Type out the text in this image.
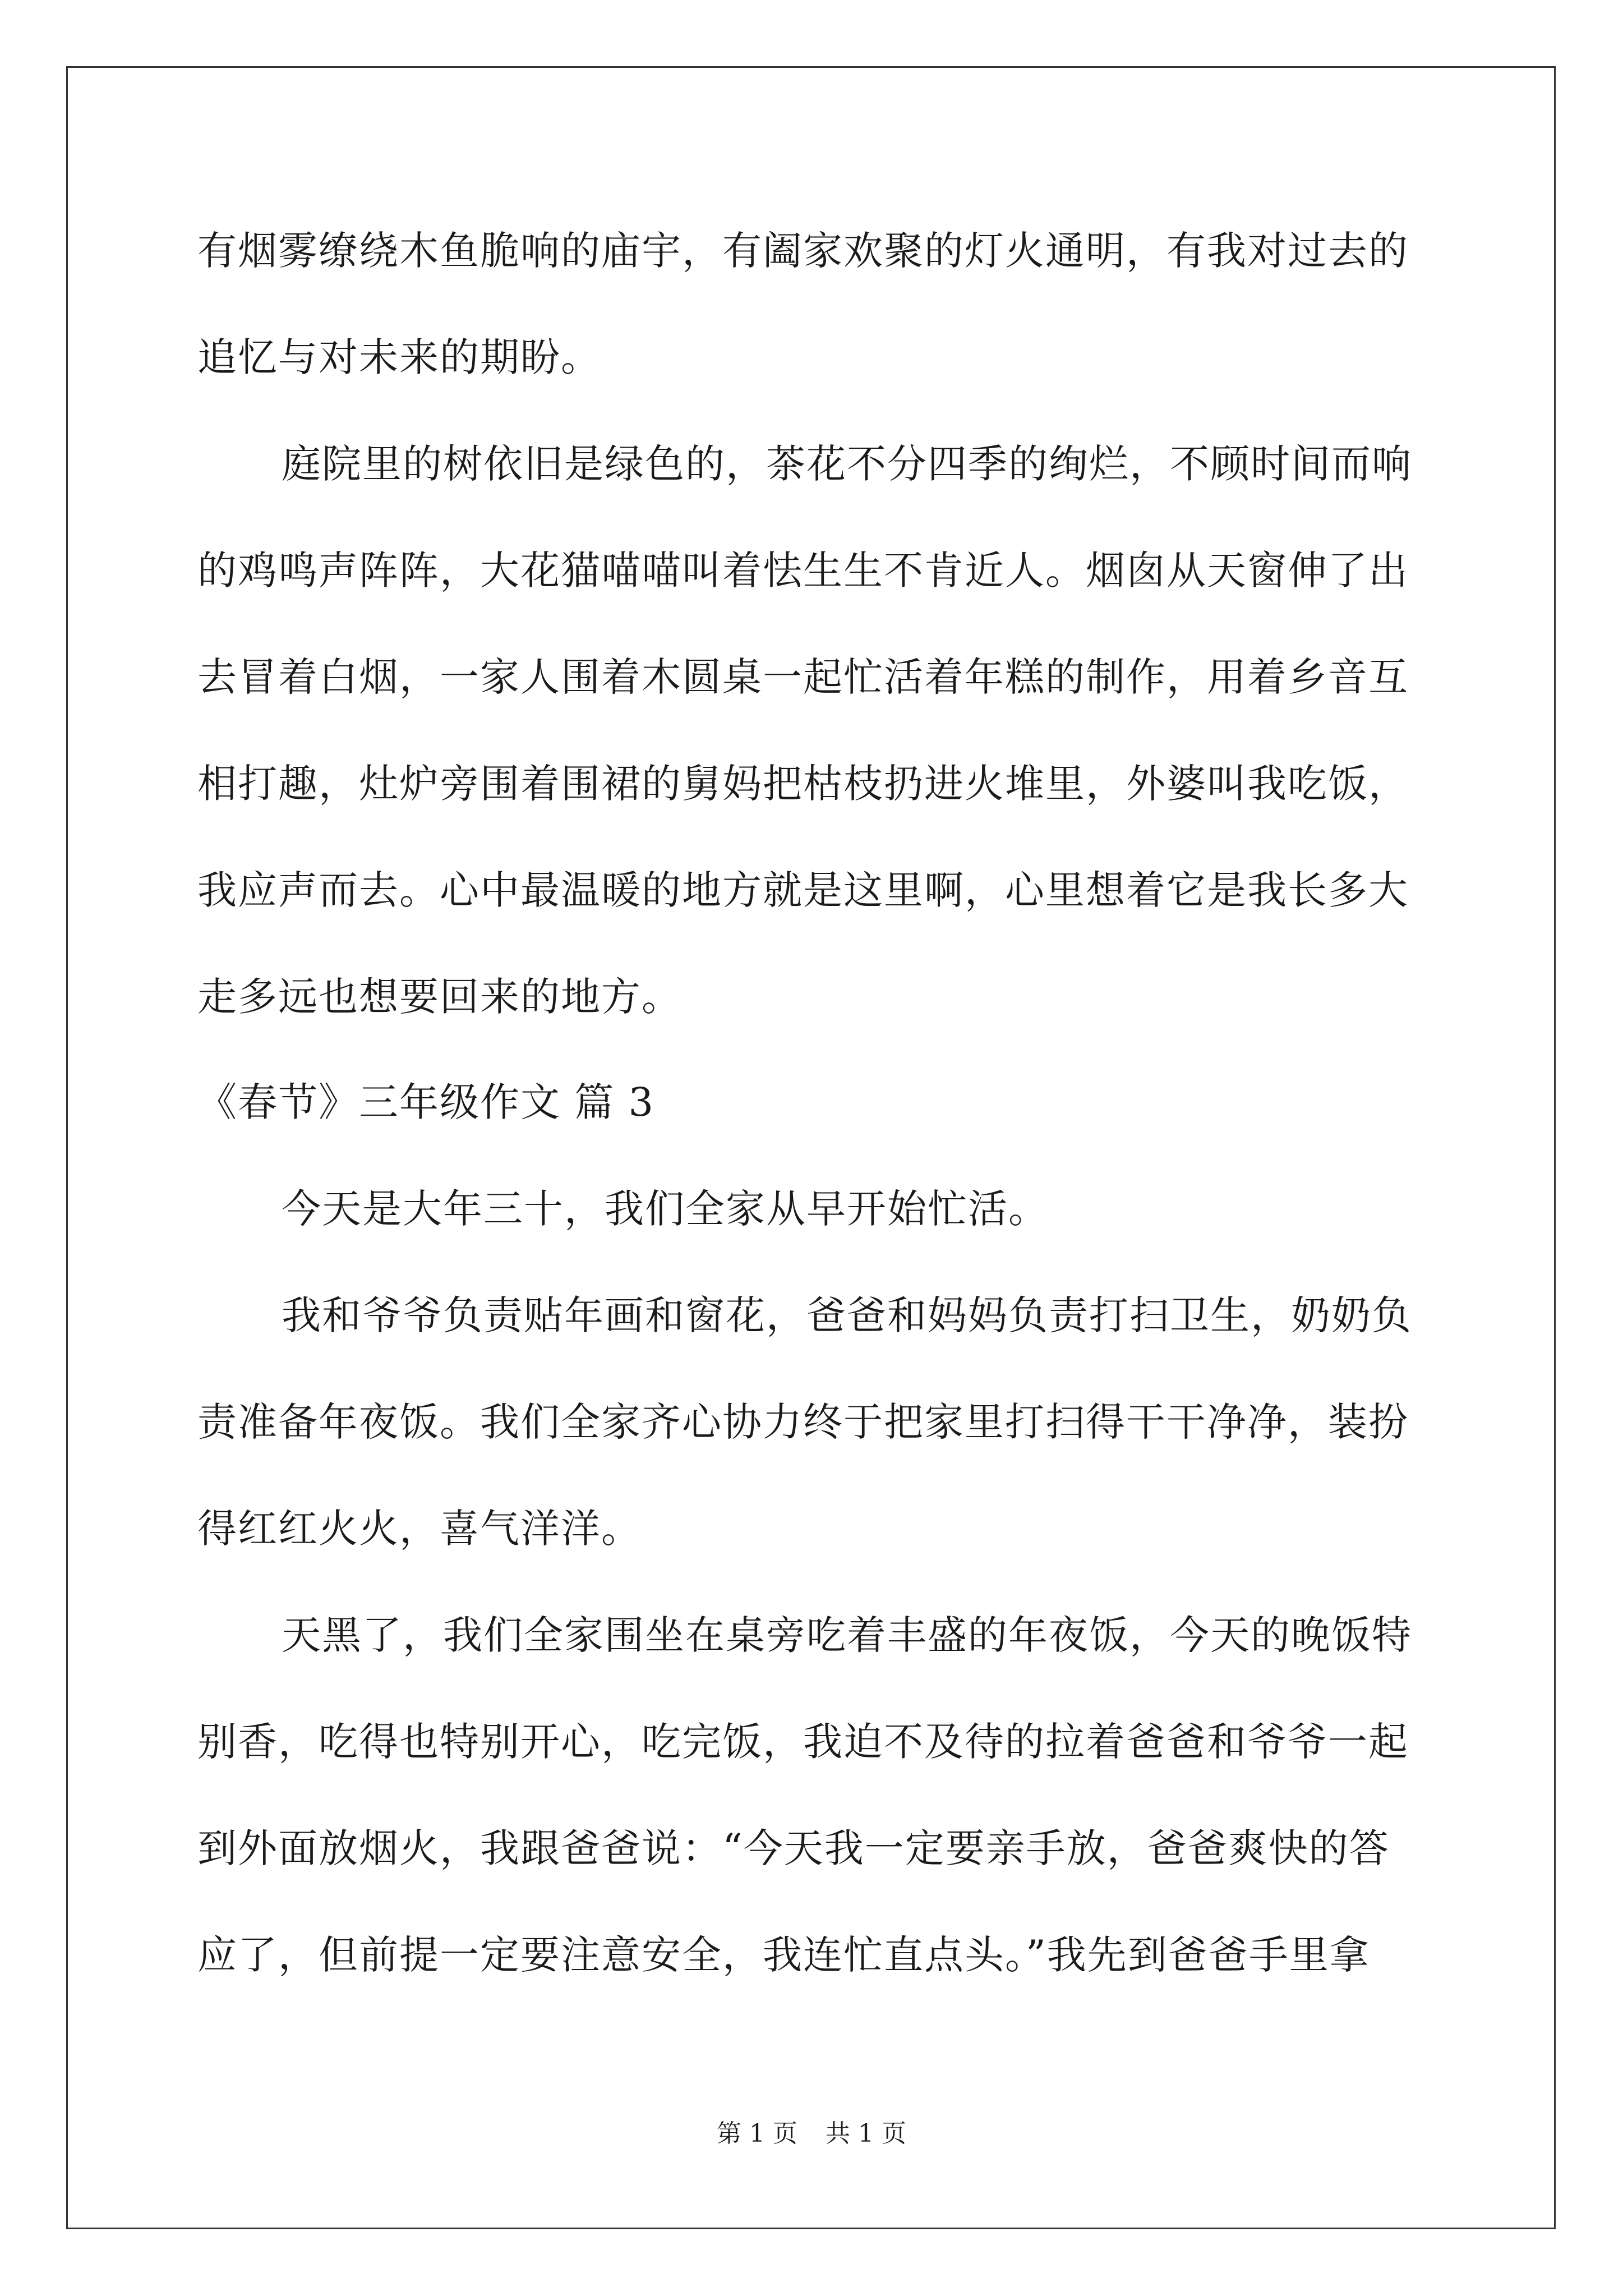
有烟雾缭绕木鱼脆响的庙宇，有阖家欢聚的灯火通明，有我对过去的
追忆与对未来的期盼。
庭院里的树依旧是绿色的，茶花不分四季的绚烂，不顾时间而响
的鸡鸣声阵阵，大花猫喵喵叫着怯生生不肯近人。烟囱从天窗伸了出
去冒着白烟，一家人围着木圆桌一起忙活着年糕的制作，用着乡音互
相打趣，灶炉旁围着围裙的舅妈把枯枝扔进火堆里，外婆叫我吃饭，
我应声而去。心中最温暖的地方就是这里啊，心里想着它是我长多大
走多远也想要回来的地方。
《春节》三年级作文 篇 3
今天是大年三十，我们全家从早开始忙活。
我和爷爷负责贴年画和窗花，爸爸和妈妈负责打扫卫生，奶奶负
责准备年夜饭。我们全家齐心协力终于把家里打扫得干干净净，装扮
得红红火火，喜气洋洋。
天黑了，我们全家围坐在桌旁吃着丰盛的年夜饭，今天的晚饭特
别香，吃得也特别开心，吃完饭，我迫不及待的拉着爸爸和爷爷一起
到外面放烟火，我跟爸爸说：“今天我一定要亲手放，爸爸爽快的答
应了，但前提一定要注意安全，我连忙直点头。”我先到爸爸手里拿
第 1 页 共 1 页
